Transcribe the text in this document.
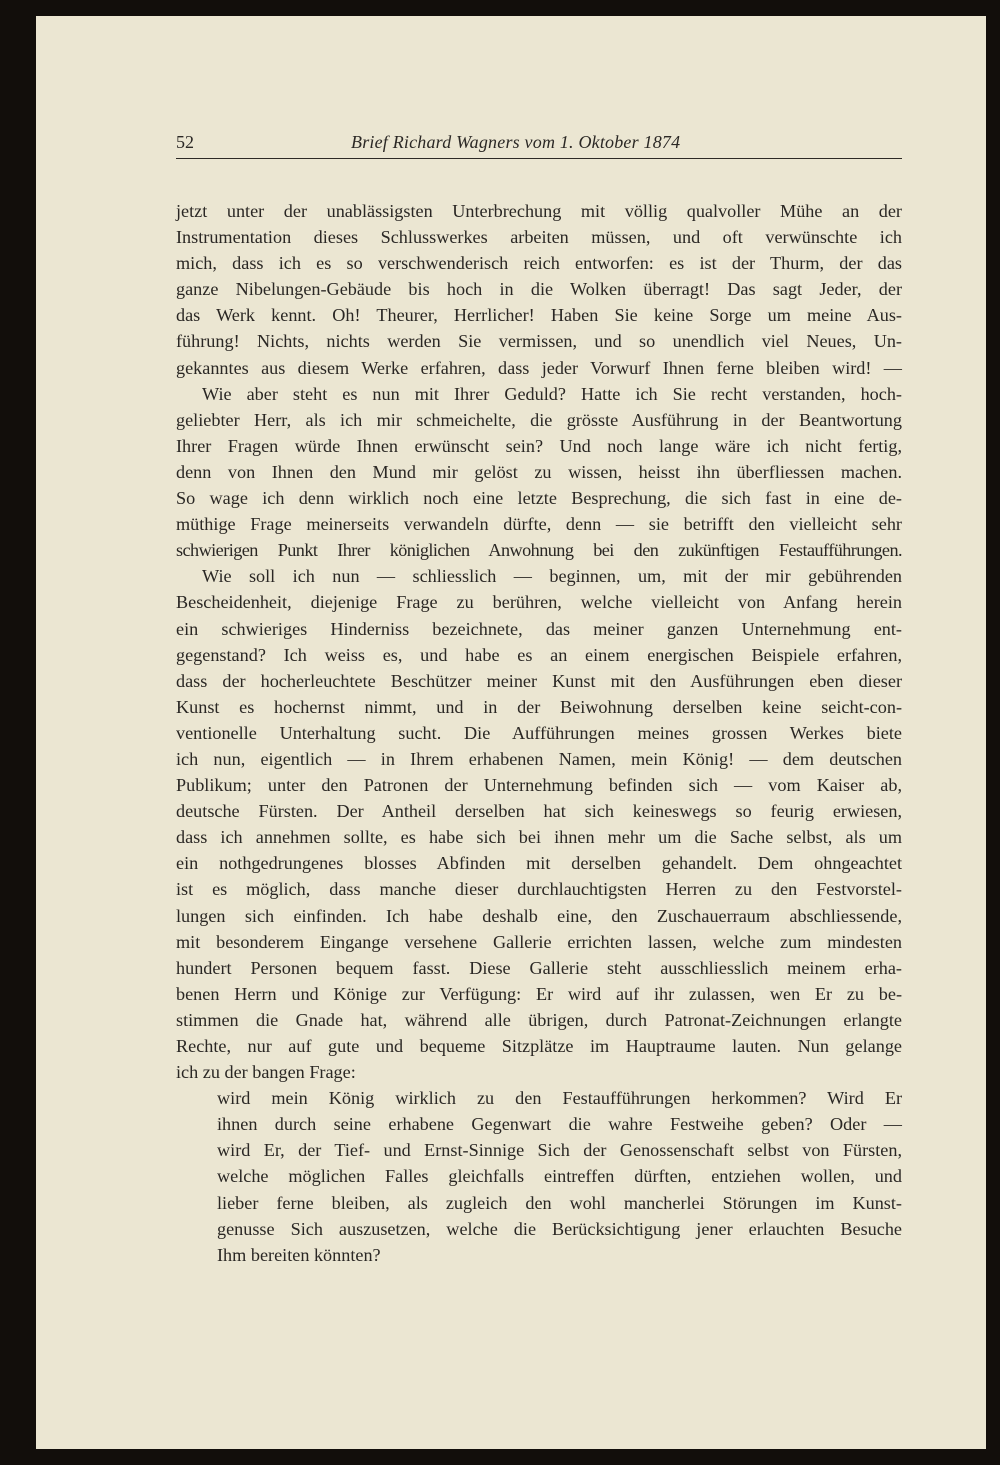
52	Brief Richard Wagners vom 1. Oktober 1874
jetzt unter der unablässigsten Unterbrechung mit völlig qualvoller Mühe an der
Instrumentation dieses Schlusswerkes arbeiten müssen, und oft verwünschte ich
mich, dass ich es so verschwenderisch reich entworfen: es ist der Thurm, der das
ganze Nibelungen-Gebäude bis hoch in die Wolken überragt! Das sagt Jeder, der
das Werk kennt. Oh! Theurer, Herrlicher! Haben Sie keine Sorge um meine Aus-
führung! Nichts, nichts werden Sie vermissen, und so unendlich viel Neues, Un-
gekanntes aus diesem Werke erfahren, dass jeder Vorwurf Ihnen ferne bleiben wird! —
Wie aber steht es nun mit Ihrer Geduld? Hatte ich Sie recht verstanden, hoch-
geliebter Herr, als ich mir schmeichelte, die grösste Ausführung in der Beantwortung
Ihrer Fragen würde Ihnen erwünscht sein? Und noch lange wäre ich nicht fertig,
denn von Ihnen den Mund mir gelöst zu wissen, heisst ihn überfliessen machen.
So wage ich denn wirklich noch eine letzte Besprechung, die sich fast in eine de-
müthige Frage meinerseits verwandeln dürfte, denn — sie betrifft den vielleicht sehr
schwierigen Punkt Ihrer königlichen Anwohnung bei den zukünftigen Festaufführungen.
Wie soll ich nun — schliesslich — beginnen, um, mit der mir gebührenden
Bescheidenheit, diejenige Frage zu berühren, welche vielleicht von Anfang herein
ein schwieriges Hinderniss bezeichnete, das meiner ganzen Unternehmung ent-
gegenstand? Ich weiss es, und habe es an einem energischen Beispiele erfahren,
dass der hocherleuchtete Beschützer meiner Kunst mit den Ausführungen eben dieser
Kunst es hochernst nimmt, und in der Beiwohnung derselben keine seicht-con-
ventionelle Unterhaltung sucht. Die Aufführungen meines grossen Werkes biete
ich nun, eigentlich — in Ihrem erhabenen Namen, mein König! — dem deutschen
Publikum; unter den Patronen der Unternehmung befinden sich — vom Kaiser ab,
deutsche Fürsten. Der Antheil derselben hat sich keineswegs so feurig erwiesen,
dass ich annehmen sollte, es habe sich bei ihnen mehr um die Sache selbst, als um
ein nothgedrungenes blosses Abfinden mit derselben gehandelt. Dem ohngeachtet
ist es möglich, dass manche dieser durchlauchtigsten Herren zu den Festvorstel-
lungen sich einfinden. Ich habe deshalb eine, den Zuschauerraum abschliessende,
mit besonderem Eingange versehene Gallerie errichten lassen, welche zum mindesten
hundert Personen bequem fasst. Diese Gallerie steht ausschliesslich meinem erha-
benen Herrn und Könige zur Verfügung: Er wird auf ihr zulassen, wen Er zu be-
stimmen die Gnade hat, während alle übrigen, durch Patronat-Zeichnungen erlangte
Rechte, nur auf gute und bequeme Sitzplätze im Hauptraume lauten. Nun gelange
ich zu der bangen Frage:
wird mein König wirklich zu den Festaufführungen herkommen? Wird Er
ihnen durch seine erhabene Gegenwart die wahre Festweihe geben? Oder —
wird Er, der Tief- und Ernst-Sinnige Sich der Genossenschaft selbst von Fürsten,
welche möglichen Falles gleichfalls eintreffen dürften, entziehen wollen, und
lieber ferne bleiben, als zugleich den wohl mancherlei Störungen im Kunst-
genusse Sich auszusetzen, welche die Berücksichtigung jener erlauchten Besuche
Ihm bereiten könnten?
